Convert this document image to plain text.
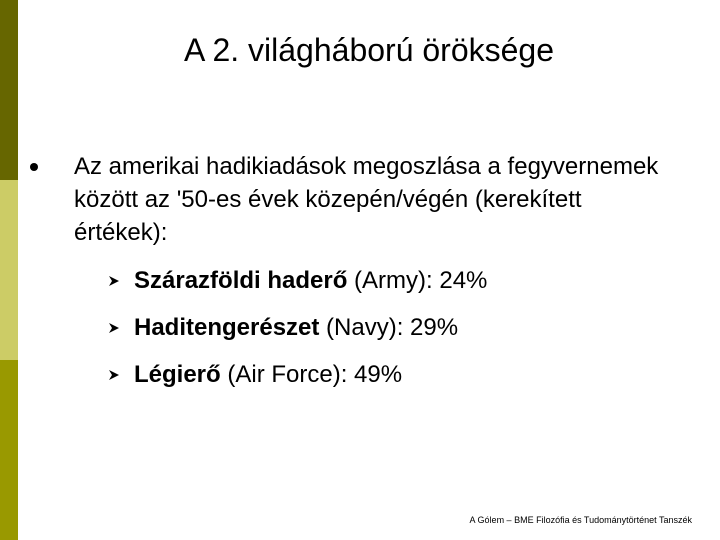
A 2. világháború öröksége
Az amerikai hadikiadások megoszlása a fegyvernemek között az '50-es évek közepén/végén (kerekített értékek):
Szárazföldi haderő (Army): 24%
Haditengerészet (Navy): 29%
Légierő (Air Force): 49%
A Gólem – BME Filozófia és Tudománytörténet Tanszék
